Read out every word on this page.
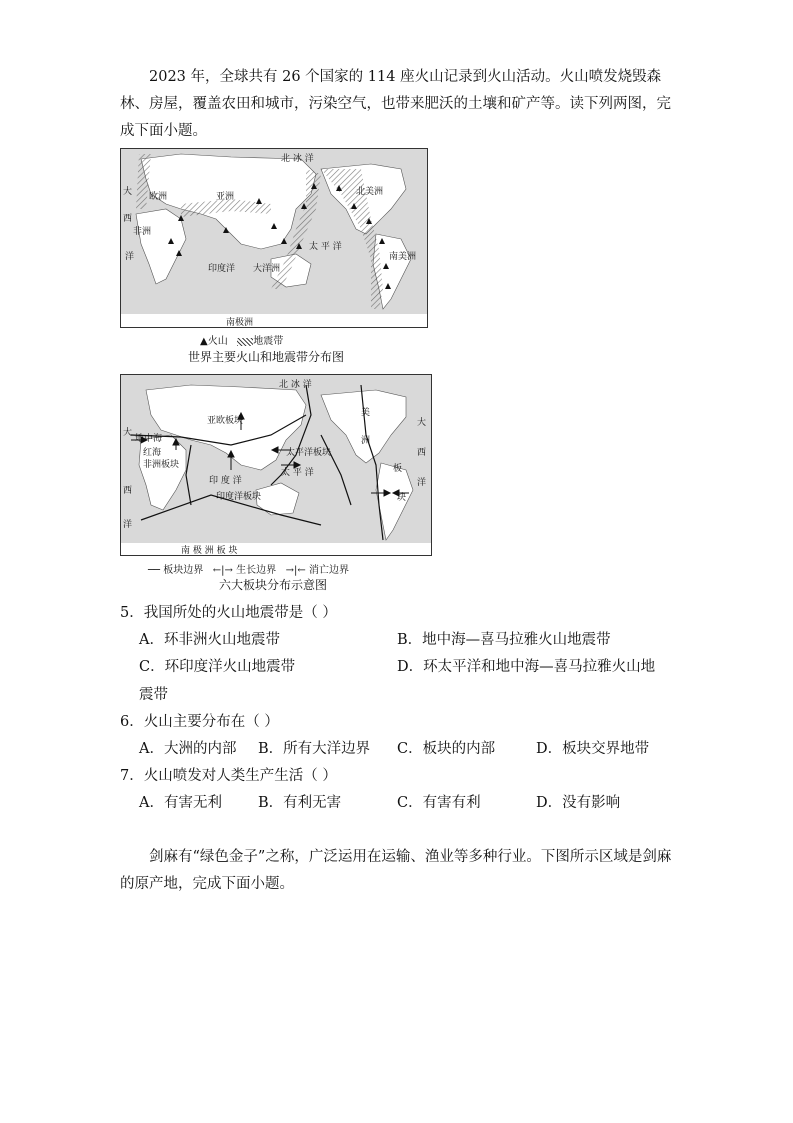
2023 年，全球共有 26 个国家的 114 座火山记录到火山活动。火山喷发烧毁森林、房屋，覆盖农田和城市，污染空气，也带来肥沃的土壤和矿产等。读下列两图，完成下面小题。

北 冰 洋
大
西
洋
欧洲	亚洲
非洲
印度洋 大洋洲
太 平 洋
北美洲
南美洲
南极洲
▲火山	地震带

世界主要火山和地震带分布图

北 冰 洋
大
西
洋
亚欧板块
地中海
红海
非洲板块
印 度 洋
印度洋板块
太平洋板块
太 平 洋
美
洲
板
块
大
西
洋
南 极 洲 板 块
── 板块边界 ←|→ 生长边界 →|← 消亡边界

六大板块分布示意图

5．我国所处的火山地震带是（ ）

A．环非洲火山地震带	B．地中海—喜马拉雅火山地震带

C．环印度洋火山地震带	D．环太平洋和地中海—喜马拉雅火山地

震带

6．火山主要分布在（ ）

A．大洲的内部 B．所有大洋边界 C．板块的内部	D．板块交界地带

7．火山喷发对人类生产生活（ ）

A．有害无利 B．有利无害	C．有害有利	D．没有影响

剑麻有“绿色金子”之称，广泛运用在运输、渔业等多种行业。下图所示区域是剑麻的原产地，完成下面小题。
